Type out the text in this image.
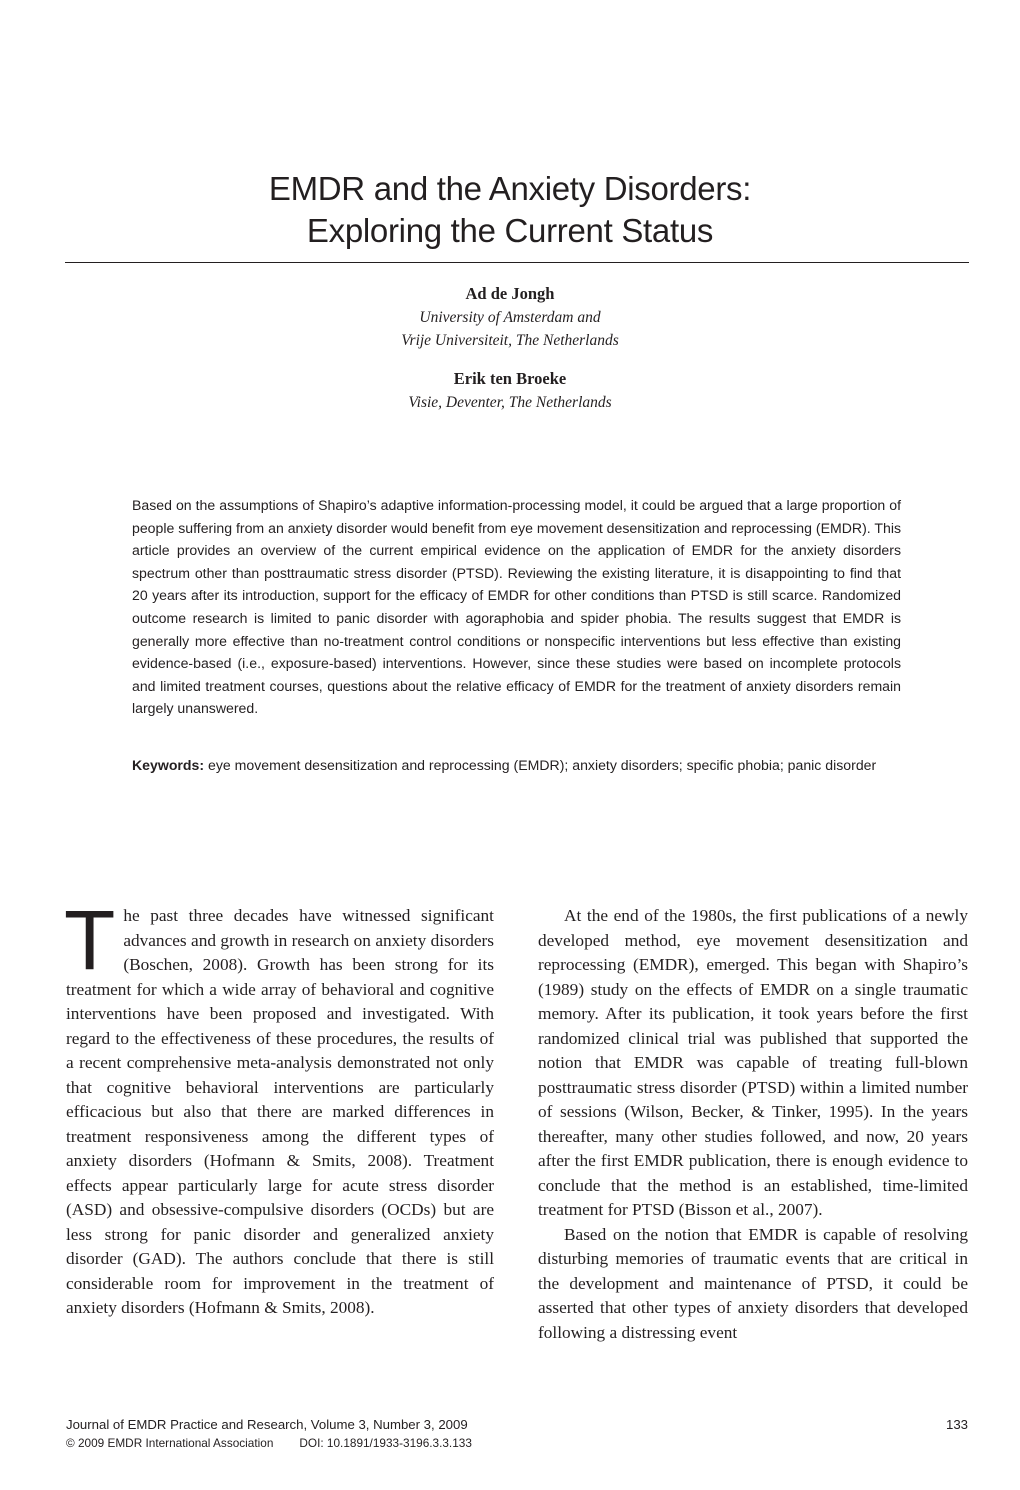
EMDR and the Anxiety Disorders:
Exploring the Current Status
Ad de Jongh
University of Amsterdam and
Vrije Universiteit, The Netherlands
Erik ten Broeke
Visie, Deventer, The Netherlands
Based on the assumptions of Shapiro’s adaptive information-processing model, it could be argued that a large proportion of people suffering from an anxiety disorder would benefit from eye movement desensitization and reprocessing (EMDR). This article provides an overview of the current empirical evidence on the application of EMDR for the anxiety disorders spectrum other than posttraumatic stress disorder (PTSD). Reviewing the existing literature, it is disappointing to find that 20 years after its introduction, support for the efficacy of EMDR for other conditions than PTSD is still scarce. Randomized outcome research is limited to panic disorder with agoraphobia and spider phobia. The results suggest that EMDR is generally more effective than no-treatment control conditions or nonspecific interventions but less effective than existing evidence-based (i.e., exposure-based) interventions. However, since these studies were based on incomplete protocols and limited treatment courses, questions about the relative efficacy of EMDR for the treatment of anxiety disorders remain largely unanswered.
Keywords: eye movement desensitization and reprocessing (EMDR); anxiety disorders; specific phobia; panic disorder

The past three decades have witnessed significant advances and growth in research on anxiety disorders (Boschen, 2008). Growth has been strong for its treatment for which a wide array of behavioral and cognitive interventions have been proposed and investigated. With regard to the effectiveness of these procedures, the results of a recent comprehensive meta-analysis demonstrated not only that cognitive behavioral interventions are particularly efficacious but also that there are marked differences in treatment responsiveness among the different types of anxiety disorders (Hofmann & Smits, 2008). Treatment effects appear particularly large for acute stress disorder (ASD) and obsessive-compulsive disorders (OCDs) but are less strong for panic disorder and generalized anxiety disorder (GAD). The authors conclude that there is still considerable room for improvement in the treatment of anxiety disorders (Hofmann & Smits, 2008).

At the end of the 1980s, the first publications of a newly developed method, eye movement desensitization and reprocessing (EMDR), emerged. This began with Shapiro’s (1989) study on the effects of EMDR on a single traumatic memory. After its publication, it took years before the first randomized clinical trial was published that supported the notion that EMDR was capable of treating full-blown posttraumatic stress disorder (PTSD) within a limited number of sessions (Wilson, Becker, & Tinker, 1995). In the years thereafter, many other studies followed, and now, 20 years after the first EMDR publication, there is enough evidence to conclude that the method is an established, time-limited treatment for PTSD (Bisson et al., 2007).

Based on the notion that EMDR is capable of resolving disturbing memories of traumatic events that are critical in the development and maintenance of PTSD, it could be asserted that other types of anxiety disorders that developed following a distressing event

Journal of EMDR Practice and Research, Volume 3, Number 3, 2009	133
© 2009 EMDR International Association DOI: 10.1891/1933-3196.3.3.133
